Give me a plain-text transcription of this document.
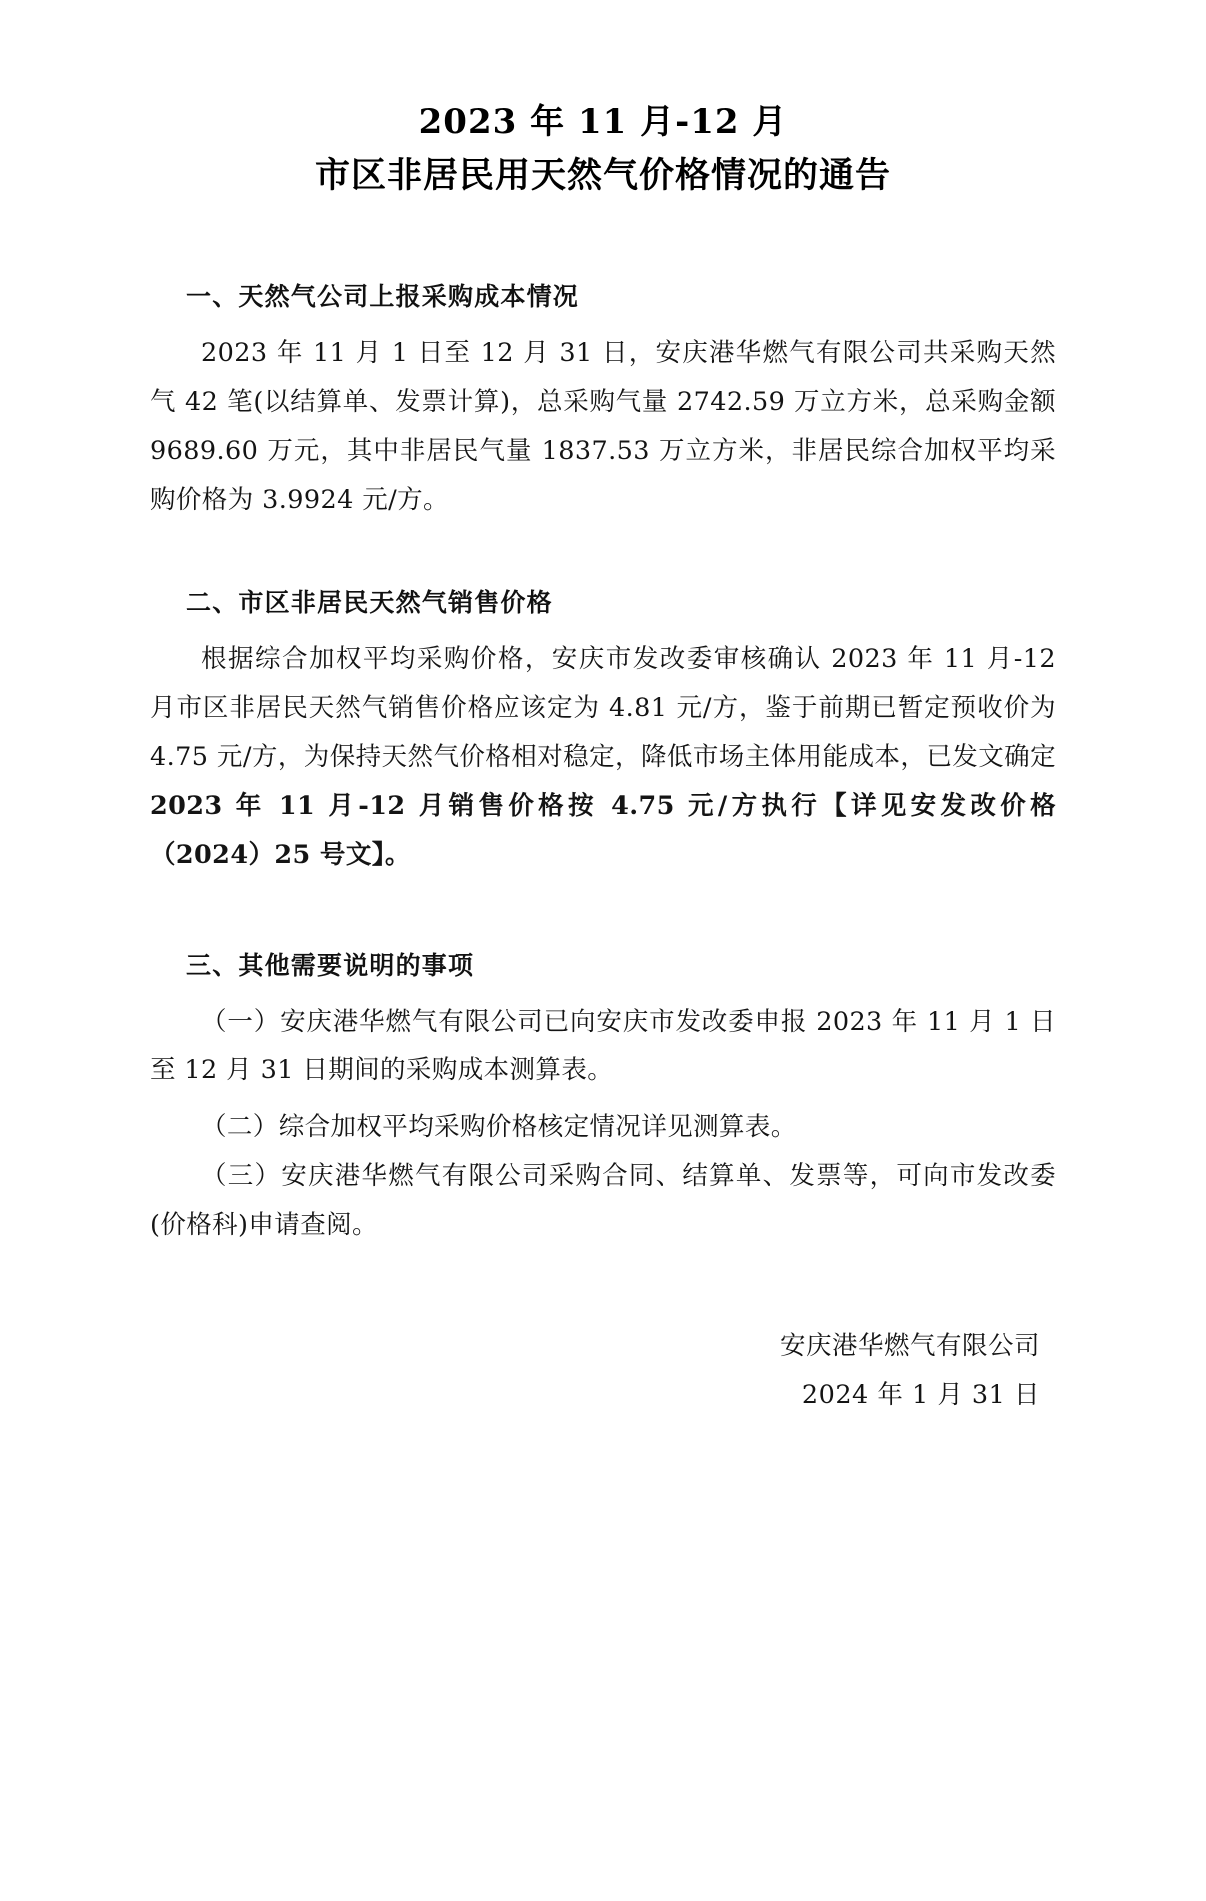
2023 年 11 月-12 月
市区非居民用天然气价格情况的通告
一、天然气公司上报采购成本情况

2023 年 11 月 1 日至 12 月 31 日，安庆港华燃气有限公司共采购天然气 42 笔(以结算单、发票计算)，总采购气量 2742.59 万立方米，总采购金额 9689.60 万元，其中非居民气量 1837.53 万立方米，非居民综合加权平均采购价格为 3.9924 元/方。

二、市区非居民天然气销售价格

根据综合加权平均采购价格，安庆市发改委审核确认 2023 年 11 月-12 月市区非居民天然气销售价格应该定为 4.81 元/方，鉴于前期已暂定预收价为 4.75 元/方，为保持天然气价格相对稳定，降低市场主体用能成本，已发文确定2023 年 11 月-12 月销售价格按 4.75 元/方执行【详见安发改价格（2024）25 号文】。

三、其他需要说明的事项

（一）安庆港华燃气有限公司已向安庆市发改委申报 2023 年 11 月 1 日至 12 月 31 日期间的采购成本测算表。

（二）综合加权平均采购价格核定情况详见测算表。

（三）安庆港华燃气有限公司采购合同、结算单、发票等，可向市发改委(价格科)申请查阅。

安庆港华燃气有限公司
2024 年 1 月 31 日
